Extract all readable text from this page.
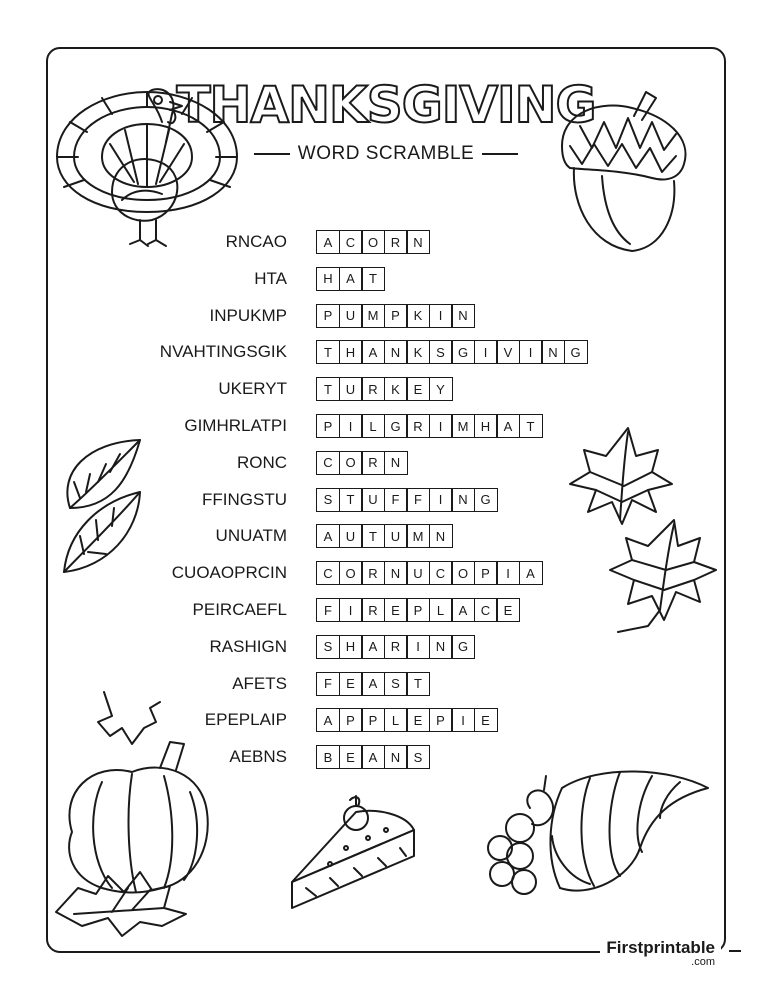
THANKSGIVING
WORD SCRAMBLE
RNCAO	A	C O R	N
HTA	H	A	T
INPUKMP	P	U M P	K	I	N
NVAHTINGSGIK	T	H	A	N	K	S	G	I	V	I	N G
UKERYT	T	U	R	K	E	Y
GIMHRLATPI	P	I	L	G R	I	M H	A	T
RONC	C O R	N
FFINGSTU	S	T	U	F	F	I	N G
UNUATM	A	U	T	U M N
CUOAOPRCIN	C O R	N	U	C O	P	I	A
PEIRCAEFL	F	I	R	E	P	L	A	C	E
RASHIGN	S	H	A	R	I	N G
AFETS	F	E	A	S	T
EPEPLAIP	A	P	P	L	E	P	I	E
AEBNS	B	E	A	N	S
Firstprintable
.com
